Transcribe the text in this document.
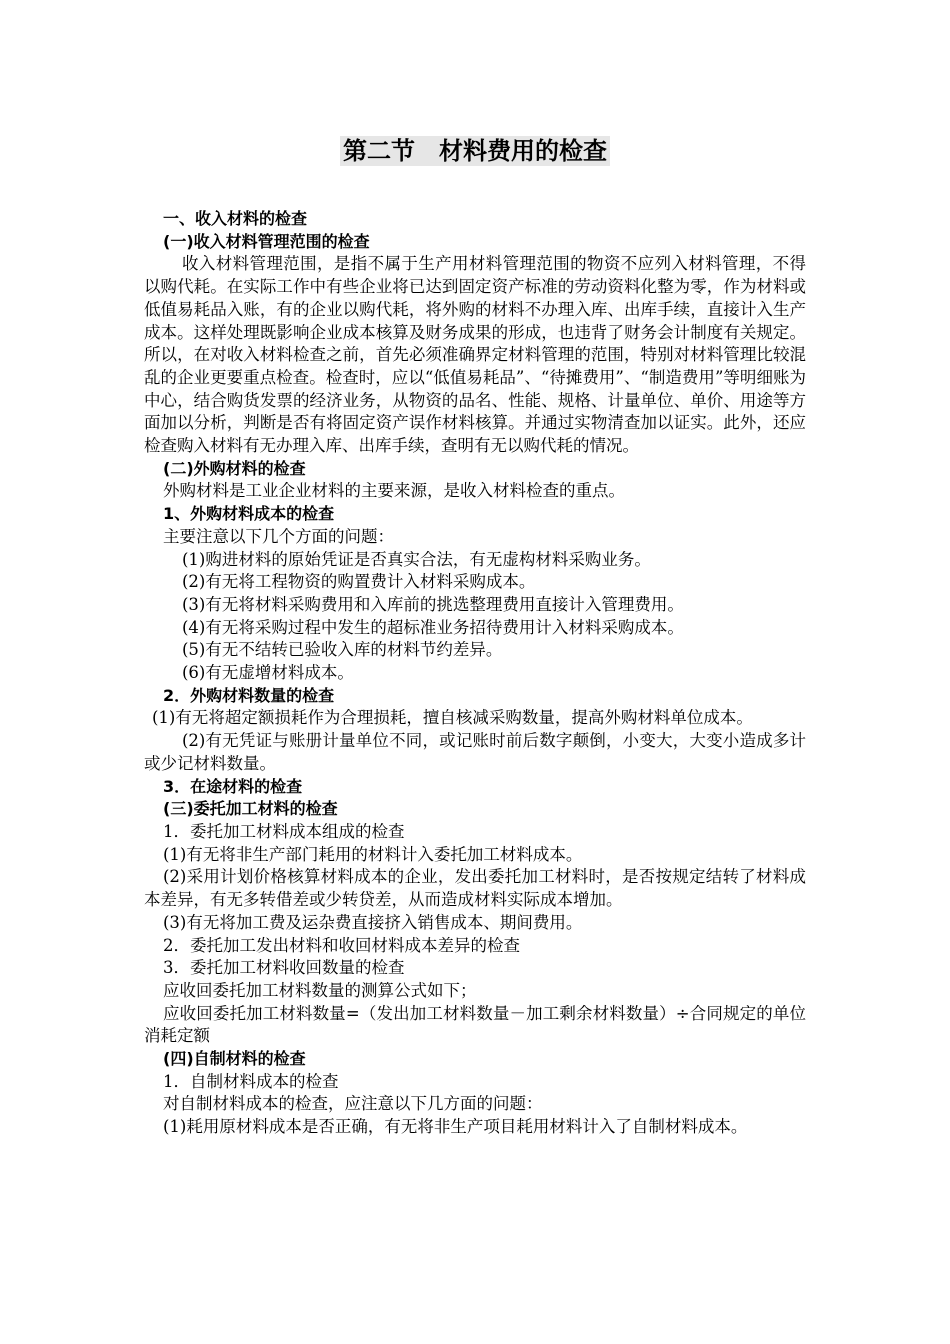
第二节　材料费用的检查

一、收入材料的检查

(一)收入材料管理范围的检查

收入材料管理范围，是指不属于生产用材料管理范围的物资不应列入材料管理，不得以购代耗。在实际工作中有些企业将已达到固定资产标准的劳动资料化整为零，作为材料或低值易耗品入账，有的企业以购代耗，将外购的材料不办理入库、出库手续，直接计入生产成本。这样处理既影响企业成本核算及财务成果的形成，也违背了财务会计制度有关规定。所以，在对收入材料检查之前，首先必须准确界定材料管理的范围，特别对材料管理比较混乱的企业更要重点检查。检查时，应以“低值易耗品”、“待摊费用”、“制造费用”等明细账为中心，结合购货发票的经济业务，从物资的品名、性能、规格、计量单位、单价、用途等方面加以分析，判断是否有将固定资产误作材料核算。并通过实物清查加以证实。此外，还应检查购入材料有无办理入库、出库手续，查明有无以购代耗的情况。

(二)外购材料的检查

外购材料是工业企业材料的主要来源，是收入材料检查的重点。

1、外购材料成本的检查

主要注意以下几个方面的问题：

(1)购进材料的原始凭证是否真实合法，有无虚构材料采购业务。

(2)有无将工程物资的购置费计入材料采购成本。

(3)有无将材料采购费用和入库前的挑选整理费用直接计入管理费用。

(4)有无将采购过程中发生的超标准业务招待费用计入材料采购成本。

(5)有无不结转已验收入库的材料节约差异。

(6)有无虚增材料成本。

2．外购材料数量的检查

(1)有无将超定额损耗作为合理损耗，擅自核减采购数量，提高外购材料单位成本。

(2)有无凭证与账册计量单位不同，或记账时前后数字颠倒，小变大，大变小造成多计或少记材料数量。

3．在途材料的检查

(三)委托加工材料的检查

1．委托加工材料成本组成的检查

(1)有无将非生产部门耗用的材料计入委托加工材料成本。

(2)采用计划价格核算材料成本的企业，发出委托加工材料时，是否按规定结转了材料成本差异，有无多转借差或少转贷差，从而造成材料实际成本增加。

(3)有无将加工费及运杂费直接挤入销售成本、期间费用。

2．委托加工发出材料和收回材料成本差异的检查

3．委托加工材料收回数量的检查

应收回委托加工材料数量的测算公式如下；

应收回委托加工材料数量=（发出加工材料数量－加工剩余材料数量）÷合同规定的单位消耗定额

(四)自制材料的检查

1．自制材料成本的检查

对自制材料成本的检查，应注意以下几方面的问题：

(1)耗用原材料成本是否正确，有无将非生产项目耗用材料计入了自制材料成本。
